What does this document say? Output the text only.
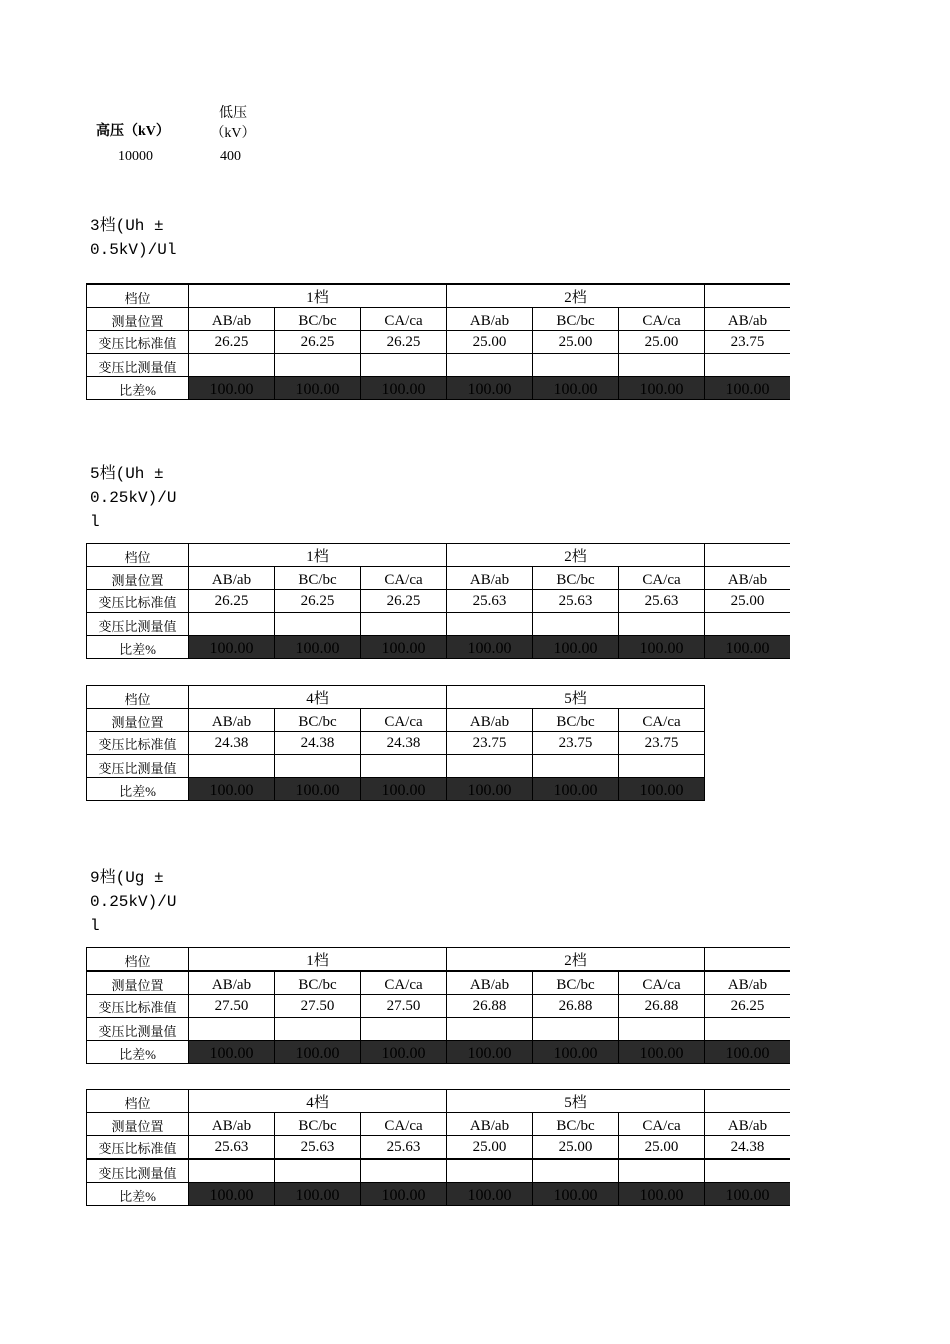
高压（kV）
低压
（kV）
10000	400
3档(Uh ±
0.5kV)/Ul
档位	1档			2档			
测量位置	AB/ab	BC/bc	CA/ca	AB/ab	BC/bc	CA/ca	AB/ab
变压比标准值	26.25	26.25	26.25	25.00	25.00	25.00	23.75
变压比测量值							
比差%	100.00	100.00	100.00	100.00	100.00	100.00	100.00
5档(Uh ±
0.25kV)/U
l
档位	1档			2档			
测量位置	AB/ab	BC/bc	CA/ca	AB/ab	BC/bc	CA/ca	AB/ab
变压比标准值	26.25	26.25	26.25	25.63	25.63	25.63	25.00
变压比测量值							
比差%	100.00	100.00	100.00	100.00	100.00	100.00	100.00
档位	4档			5档		
测量位置	AB/ab	BC/bc	CA/ca	AB/ab	BC/bc	CA/ca
变压比标准值	24.38	24.38	24.38	23.75	23.75	23.75
变压比测量值						
比差%	100.00	100.00	100.00	100.00	100.00	100.00
9档(Ug ±
0.25kV)/U
l
档位	1档			2档			
测量位置	AB/ab	BC/bc	CA/ca	AB/ab	BC/bc	CA/ca	AB/ab
变压比标准值	27.50	27.50	27.50	26.88	26.88	26.88	26.25
变压比测量值							
比差%	100.00	100.00	100.00	100.00	100.00	100.00	100.00
档位	4档			5档			
测量位置	AB/ab	BC/bc	CA/ca	AB/ab	BC/bc	CA/ca	AB/ab
变压比标准值	25.63	25.63	25.63	25.00	25.00	25.00	24.38
变压比测量值							
比差%	100.00	100.00	100.00	100.00	100.00	100.00	100.00
